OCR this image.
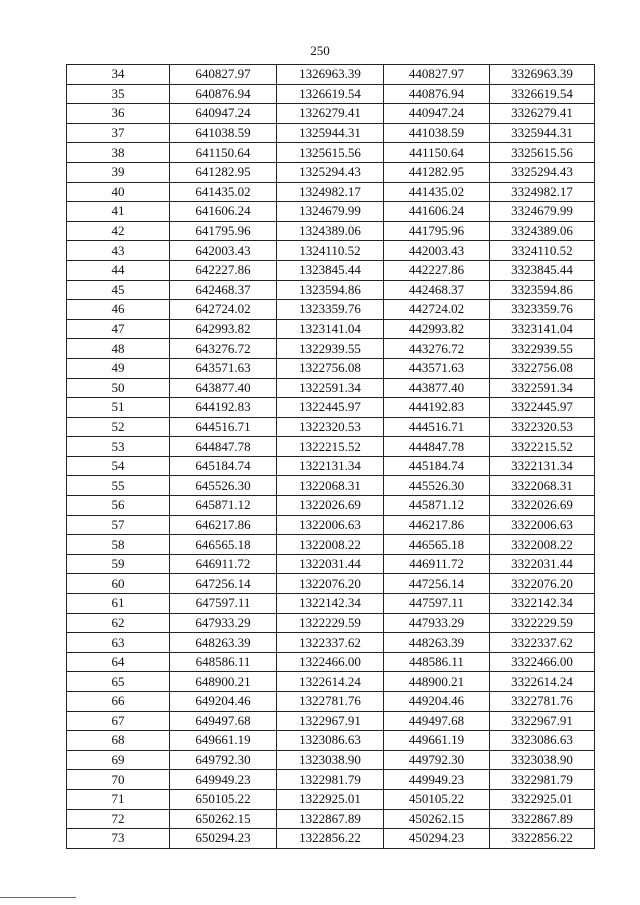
250
34	640827.97	1326963.39	440827.97	3326963.39
35	640876.94	1326619.54	440876.94	3326619.54
36	640947.24	1326279.41	440947.24	3326279.41
37	641038.59	1325944.31	441038.59	3325944.31
38	641150.64	1325615.56	441150.64	3325615.56
39	641282.95	1325294.43	441282.95	3325294.43
40	641435.02	1324982.17	441435.02	3324982.17
41	641606.24	1324679.99	441606.24	3324679.99
42	641795.96	1324389.06	441795.96	3324389.06
43	642003.43	1324110.52	442003.43	3324110.52
44	642227.86	1323845.44	442227.86	3323845.44
45	642468.37	1323594.86	442468.37	3323594.86
46	642724.02	1323359.76	442724.02	3323359.76
47	642993.82	1323141.04	442993.82	3323141.04
48	643276.72	1322939.55	443276.72	3322939.55
49	643571.63	1322756.08	443571.63	3322756.08
50	643877.40	1322591.34	443877.40	3322591.34
51	644192.83	1322445.97	444192.83	3322445.97
52	644516.71	1322320.53	444516.71	3322320.53
53	644847.78	1322215.52	444847.78	3322215.52
54	645184.74	1322131.34	445184.74	3322131.34
55	645526.30	1322068.31	445526.30	3322068.31
56	645871.12	1322026.69	445871.12	3322026.69
57	646217.86	1322006.63	446217.86	3322006.63
58	646565.18	1322008.22	446565.18	3322008.22
59	646911.72	1322031.44	446911.72	3322031.44
60	647256.14	1322076.20	447256.14	3322076.20
61	647597.11	1322142.34	447597.11	3322142.34
62	647933.29	1322229.59	447933.29	3322229.59
63	648263.39	1322337.62	448263.39	3322337.62
64	648586.11	1322466.00	448586.11	3322466.00
65	648900.21	1322614.24	448900.21	3322614.24
66	649204.46	1322781.76	449204.46	3322781.76
67	649497.68	1322967.91	449497.68	3322967.91
68	649661.19	1323086.63	449661.19	3323086.63
69	649792.30	1323038.90	449792.30	3323038.90
70	649949.23	1322981.79	449949.23	3322981.79
71	650105.22	1322925.01	450105.22	3322925.01
72	650262.15	1322867.89	450262.15	3322867.89
73	650294.23	1322856.22	450294.23	3322856.22
